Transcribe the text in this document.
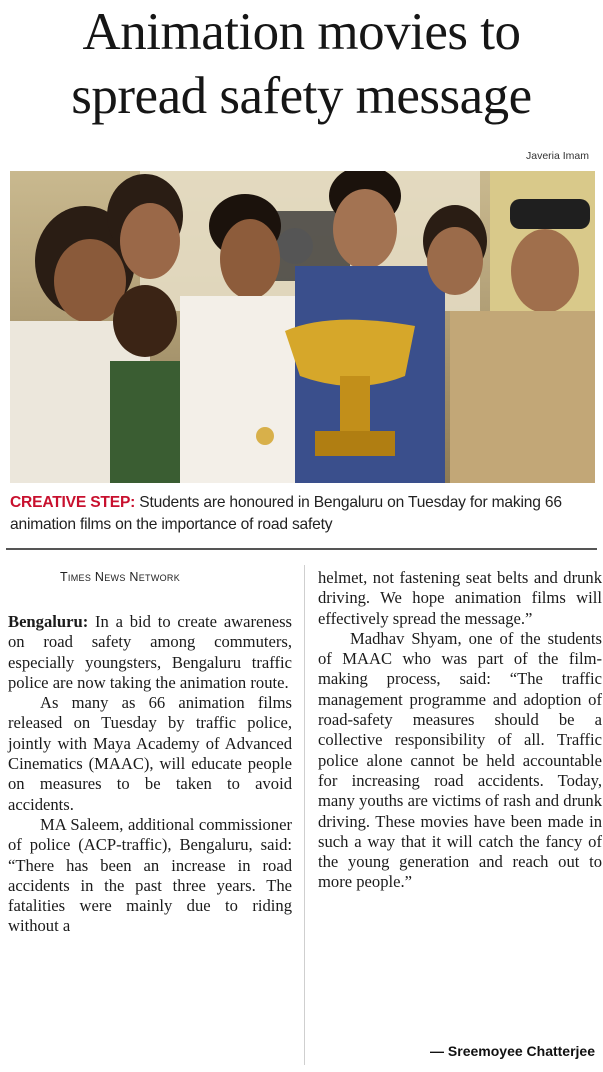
Animation movies to
spread safety message
Javeria Imam
CREATIVE STEP: Students are honoured in Bengaluru on Tuesday for making 66 animation films on the importance of road safety
Times News Network

Bengaluru: In a bid to create awareness on road safety among commuters, especially youngsters, Bengaluru traffic police are now taking the animation route.

As many as 66 animation films released on Tuesday by traffic police, jointly with Maya Academy of Advanced Cinematics (MAAC), will educate people on measures to be taken to avoid accidents.

MA Saleem, additional commissioner of police (ACP-traffic), Bengaluru, said: “There has been an increase in road accidents in the past three years. The fatalities were mainly due to riding without a

helmet, not fastening seat belts and drunk driving. We hope animation films will effectively spread the message.”

Madhav Shyam, one of the students of MAAC who was part of the film-making process, said: “The traffic management programme and adoption of road-safety measures should be a collective responsibility of all. Traffic police alone cannot be held accountable for increasing road accidents. Today, many youths are victims of rash and drunk driving. These movies have been made in such a way that it will catch the fancy of the young generation and reach out to more people.”

— Sreemoyee Chatterjee
